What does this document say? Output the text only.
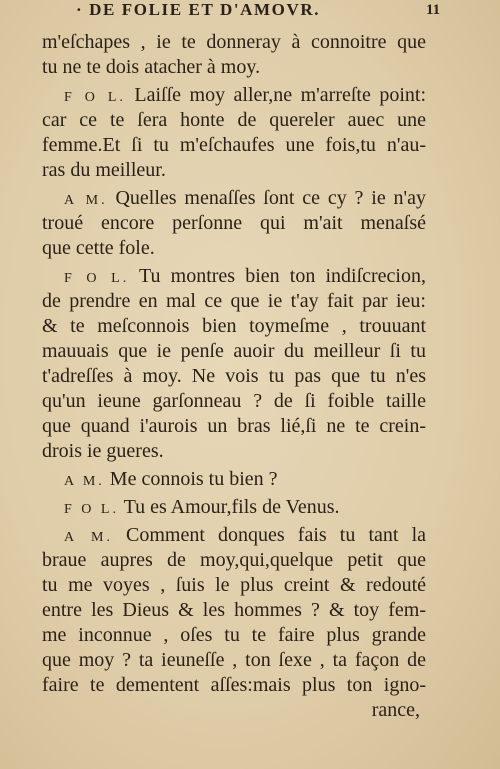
· DE FOLIE ET D'AMOVR.	11
m'eſchapes , ie te donneray à connoitre que
tu ne te dois atacher à moy.
F O L. Laiſſe moy aller,ne m'arreſte point:
car ce te ſera honte de quereler auec une
femme.Et ſi tu m'eſchaufes une fois,tu n'au-
ras du meilleur.
A M. Quelles menaſſes ſont ce cy ? ie n'ay
troué encore perſonne qui m'ait menaſsé
que cette fole.
F O L. Tu montres bien ton indiſcrecion,
de prendre en mal ce que ie t'ay fait par ieu:
& te meſconnois bien toymeſme , trouuant
mauuais que ie penſe auoir du meilleur ſi tu
t'adreſſes à moy. Ne vois tu pas que tu n'es
qu'un ieune garſonneau ? de ſi foible taille
que quand i'aurois un bras lié,ſi ne te crein-
drois ie gueres.
A M. Me connois tu bien ?
F O L. Tu es Amour,fils de Venus.
A M. Comment donques fais tu tant la
braue aupres de moy,qui,quelque petit que
tu me voyes , ſuis le plus creint & redouté
entre les Dieus & les hommes ? & toy fem-
me inconnue , oſes tu te faire plus grande
que moy ? ta ieuneſſe , ton ſexe , ta façon de
faire te dementent aſſes:mais plus ton igno-
rance,
